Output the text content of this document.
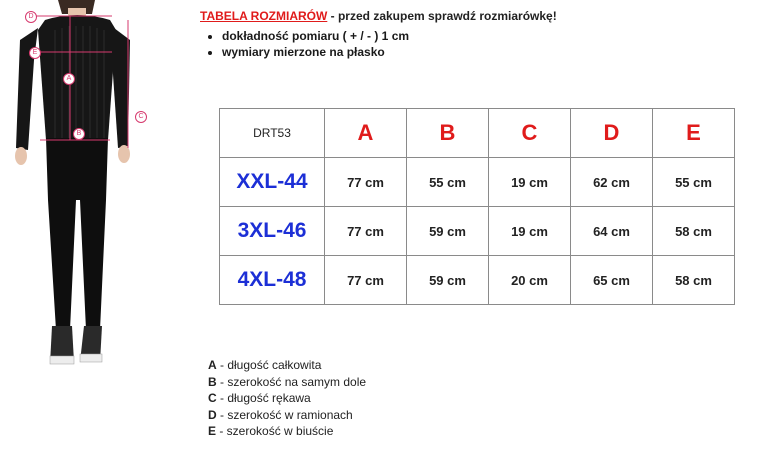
D
E
A
B
C
TABELA ROZMIARÓW - przed zakupem sprawdź rozmiarówkę!
• dokładność pomiaru ( + / - ) 1 cm
• wymiary mierzone na płasko
DRT53	A	B	C	D	E
XXL-44	77 cm	55 cm	19 cm	62 cm	55 cm
3XL-46	77 cm	59 cm	19 cm	64 cm	58 cm
4XL-48	77 cm	59 cm	20 cm	65 cm	58 cm
A - długość całkowita
B - szerokość na samym dole
C - długość rękawa
D - szerokość w ramionach
E - szerokość w biuście
